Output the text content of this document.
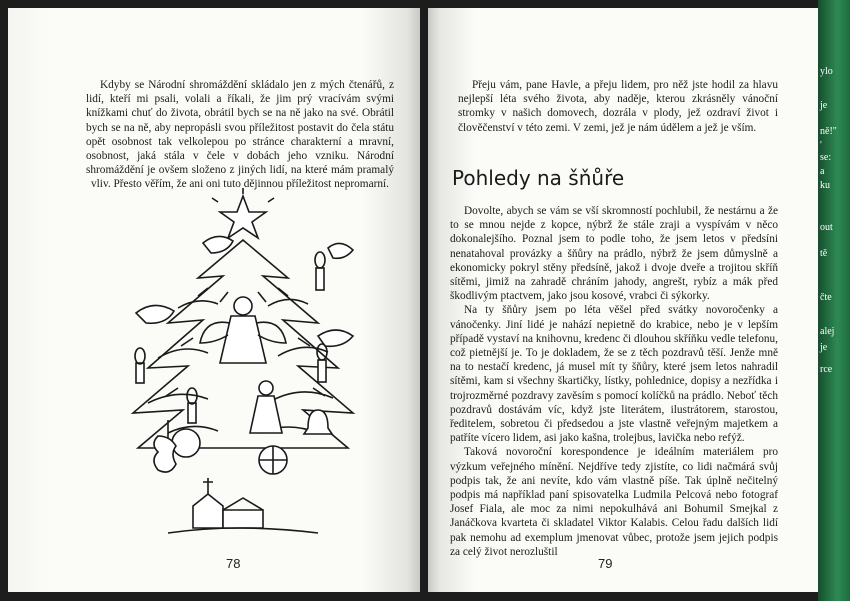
Kdyby se Národní shromáždění skládalo jen z mých čtenářů, z lidí, kteří mi psali, volali a říkali, že jim prý vracívám svými knížkami chuť do života, obrátil bych se na ně jako na své. Obrátil bych se na ně, aby nepropásli svou příležitost postavit do čela státu opět osobnost tak velkolepou po stránce charakterní a mravní, osobnost, jaká stála v čele v dobách jeho vzniku. Národní shromáždění je ovšem složeno z jiných lidí, na které mám pramalý vliv. Přesto věřím, že ani oni tuto dějinnou příležitost nepromarní.

78

Přeju vám, pane Havle, a přeju lidem, pro něž jste hodil za hlavu nejlepší léta svého života, aby naděje, kterou zkrásněly vánoční stromky v našich domovech, dozrála v plody, jež ozdraví život i člověčenství v této zemi. V zemi, jež je nám údělem a jež je vším.

Pohledy na šňůře

Dovolte, abych se vám se vší skromností pochlubil, že nestárnu a že to se mnou nejde z kopce, nýbrž že stále zraji a vyspívám v něco dokonalejšího. Poznal jsem to podle toho, že jsem letos v předsíni nenatahoval provázky a šňůry na prádlo, nýbrž že jsem důmyslně a ekonomicky pokryl stěny předsíně, jakož i dvoje dveře a trojitou skříň sítěmi, jimiž na zahradě chráním jahody, angrešt, rybíz a mák před škodlivým ptactvem, jako jsou kosové, vrabci či sýkorky.

Na ty šňůry jsem po léta věšel před svátky novoročenky a vánočenky. Jiní lidé je nahází nepietně do krabice, nebo je v lepším případě vystaví na knihovnu, kredenc či dlouhou skříňku vedle telefonu, což pietnější je. To je dokladem, že se z těch pozdravů těší. Jenže mně na to nestačí kredenc, já musel mít ty šňůry, které jsem letos nahradil sítěmi, kam si všechny škartičky, lístky, pohlednice, dopisy a nezřídka i trojrozměrné pozdravy zavěsím s pomocí kolíčků na prádlo. Neboť těch pozdravů dostávám víc, když jste literátem, ilustrátorem, starostou, ředitelem, sobretou či předsedou a jste vlastně veřejným majetkem a patříte vícero lidem, asi jako kašna, trolejbus, lavička nebo refýž.

Taková novoroční korespondence je ideálním materiálem pro výzkum veřejného mínění. Nejdříve tedy zjistíte, co lidi načmárá svůj podpis tak, že ani nevíte, kdo vám vlastně píše. Tak úplně nečitelný podpis má například paní spisovatelka Ludmila Pelcová nebo fotograf Josef Fiala, ale moc za nimi nepokulhává ani Bohumil Smejkal z Janáčkova kvarteta či skladatel Viktor Kalabis. Celou řadu dalších lidí pak nemohu ad exemplum jmenovat vůbec, protože jsem jejich podpis za celý život nerozluštil

79
ylo
je
ně!"
'
se:
a
ku
out
tě
čte
alej
je
rce
